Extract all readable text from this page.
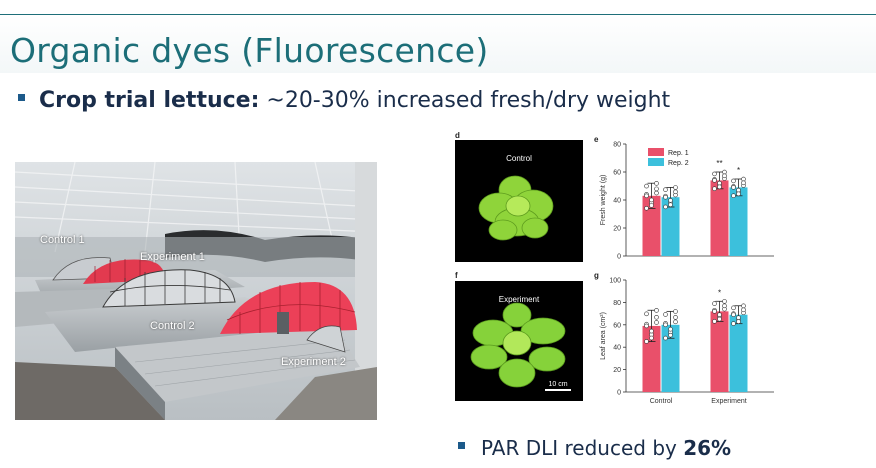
Organic dyes (Fluorescence)
Crop trial lettuce: ~20-30% increased fresh/dry weight
Control 1
Experiment 1
Control 2
Experiment 2
d
Control
f
Experiment
10 cm
e
0
20
40
60
80
Fresh weight (g)
**
*
Rep. 1
Rep. 2
g
0
20
40
60
80
100
Leaf area (cm²)
*
Control	Experiment
PAR DLI reduced by 26%
